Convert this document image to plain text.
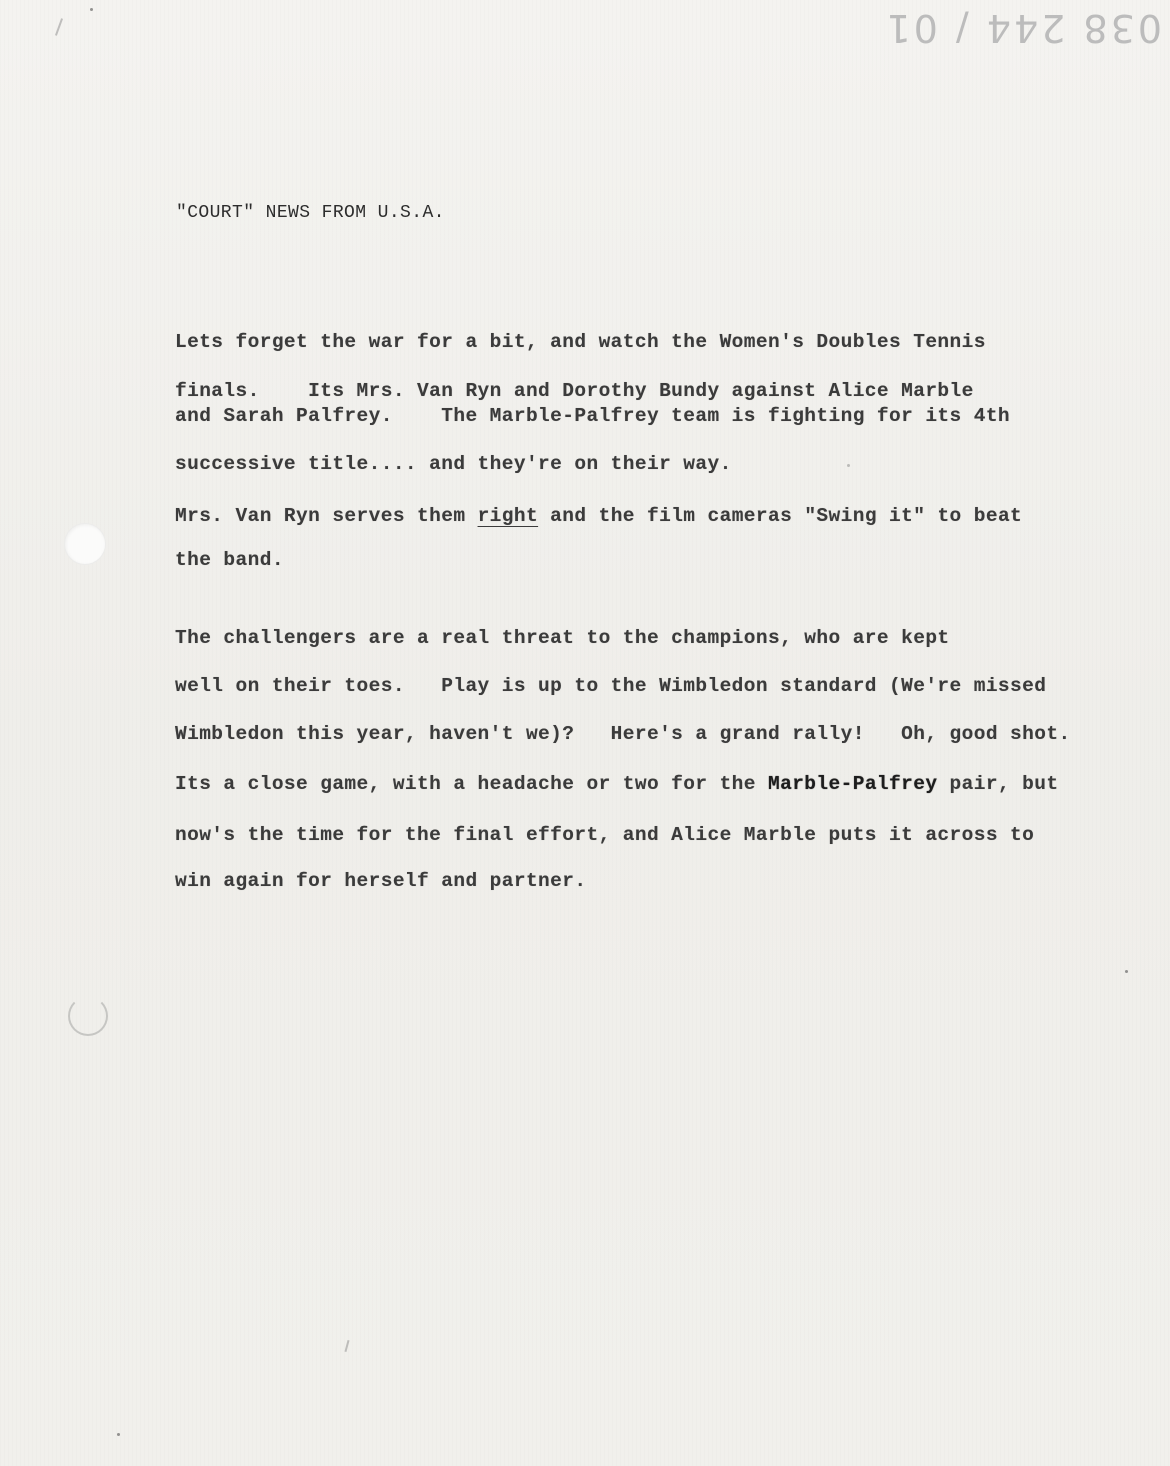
038 244 / 01
"COURT" NEWS FROM U.S.A.
Lets forget the war for a bit, and watch the Women's Doubles Tennis
finals.    Its Mrs. Van Ryn and Dorothy Bundy against Alice Marble
and Sarah Palfrey.    The Marble-Palfrey team is fighting for its 4th
successive title.... and they're on their way.
Mrs. Van Ryn serves them right and the film cameras "Swing it" to beat
the band.
The challengers are a real threat to the champions, who are kept
well on their toes.   Play is up to the Wimbledon standard (We're missed
Wimbledon this year, haven't we)?   Here's a grand rally!   Oh, good shot.
Its a close game, with a headache or two for the Marble-Palfrey pair, but
now's the time for the final effort, and Alice Marble puts it across to
win again for herself and partner.
